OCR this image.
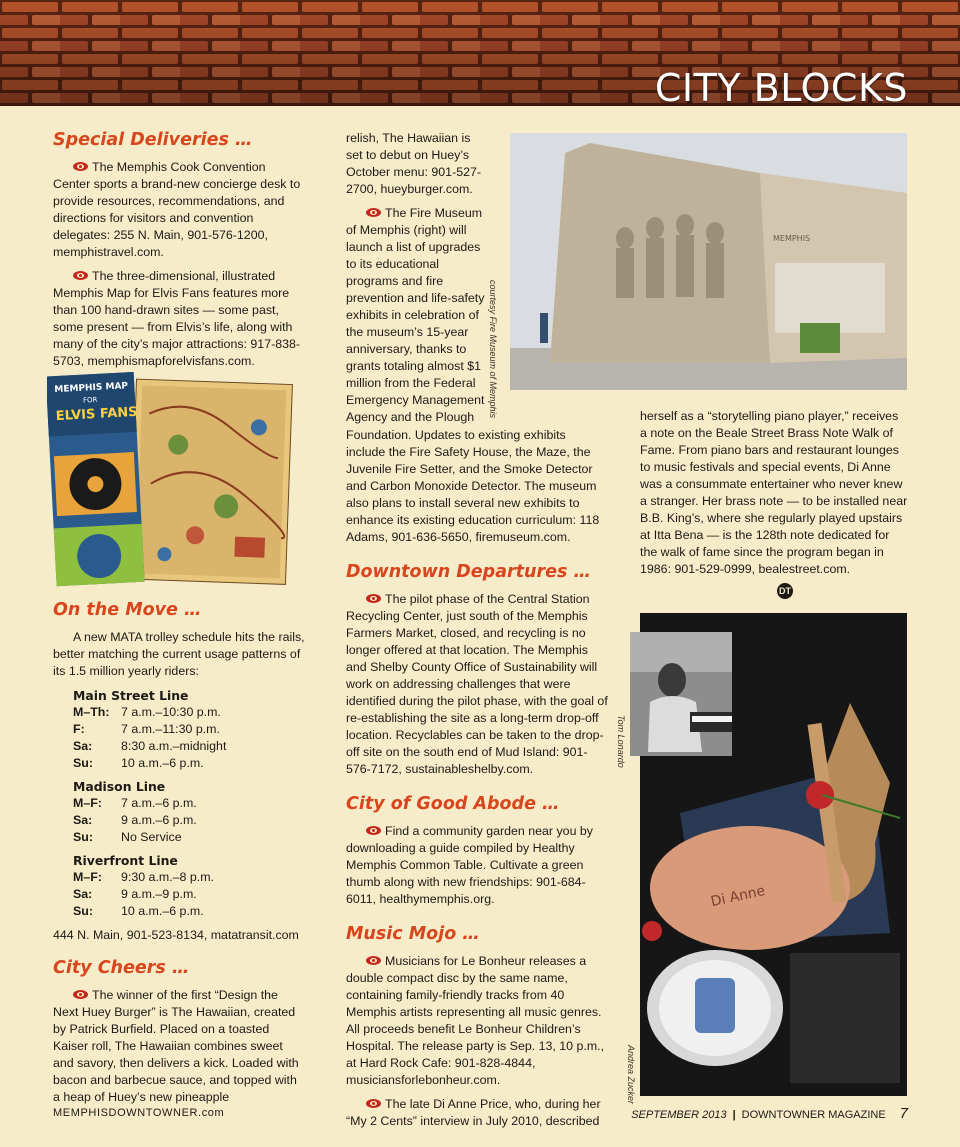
CITY BLOCKS
Special Deliveries …

The Memphis Cook Convention Center sports a brand-new concierge desk to provide resources, recommendations, and directions for visitors and convention delegates: 255 N. Main, 901-576-1200, memphistravel.com.

The three-dimensional, illustrated Memphis Map for Elvis Fans features more than 100 hand-drawn sites — some past, some present — from Elvis’s life, along with many of the city’s major attractions: 917-838-5703, memphismapforelvisfans.com.

MEMPHIS MAP
FOR
ELVIS FANS
On the Move …

A new MATA trolley schedule hits the rails, better matching the current usage patterns of its 1.5 million yearly riders:

Main Street Line
M–Th:	7 a.m.–10:30 p.m.
F:	7 a.m.–11:30 p.m.
Sa:	8:30 a.m.–midnight
Su:	10 a.m.–6 p.m.
Madison Line
M–F:	7 a.m.–6 p.m.
Sa:	9 a.m.–6 p.m.
Su:	No Service
Riverfront Line
M–F:	9:30 a.m.–8 p.m.
Sa:	9 a.m.–9 p.m.
Su:	10 a.m.–6 p.m.

444 N. Main, 901-523-8134, matatransit.com

City Cheers …

The winner of the first “Design the Next Huey Burger” is The Hawaiian, created by Patrick Burfield. Placed on a toasted Kaiser roll, The Hawaiian combines sweet and savory, then delivers a kick. Loaded with bacon and barbecue sauce, and topped with a heap of Huey’s new pineapple

relish, The Hawaiian is set to debut on Huey’s October menu: 901-527-2700, hueyburger.com.

The Fire Museum of Memphis (right) will launch a list of upgrades to its educational programs and fire prevention and life-safety exhibits in celebration of the museum’s 15-year anniversary, thanks to grants totaling almost $1 million from the Federal Emergency Management Agency and the Plough

MEMPHIS
courtesy Fire Museum of Memphis

Foundation. Updates to existing exhibits include the Fire Safety House, the Maze, the Juvenile Fire Setter, and the Smoke Detector and Carbon Monoxide Detector. The museum also plans to install several new exhibits to enhance its existing education curriculum: 118 Adams, 901-636-5650, firemuseum.com.

Downtown Departures …

The pilot phase of the Central Station Recycling Center, just south of the Memphis Farmers Market, closed, and recycling is no longer offered at that location. The Memphis and Shelby County Office of Sustainability will work on addressing challenges that were identified during the pilot phase, with the goal of re-establishing the site as a long-term drop-off location. Recyclables can be taken to the drop-off site on the south end of Mud Island: 901-576-7172, sustainableshelby.com.

City of Good Abode …

Find a community garden near you by downloading a guide compiled by Healthy Memphis Common Table. Cultivate a green thumb along with new friendships: 901-684-6011, healthymemphis.org.

Music Mojo …

Musicians for Le Bonheur releases a double compact disc by the same name, containing family-friendly tracks from 40 Memphis artists representing all music genres. All proceeds benefit Le Bonheur Children’s Hospital. The release party is Sep. 13, 10 p.m., at Hard Rock Cafe: 901-828-4844, musiciansforlebonheur.com.

The late Di Anne Price, who, during her “My 2 Cents” interview in July 2010, described

herself as a “storytelling piano player,” receives a note on the Beale Street Brass Note Walk of Fame. From piano bars and restaurant lounges to music festivals and special events, Di Anne was a consummate entertainer who never knew a stranger. Her brass note — to be installed near B.B. King’s, where she regularly played upstairs at Itta Bena — is the 128th note dedicated for the walk of fame since the program began in 1986: 901-529-0999, bealestreet.com.

DT
Di Anne
Tom Lonardo
Andrea Zucker
MEMPHISDOWNTOWNER.com	SEPTEMBER 2013 | DOWNTOWNER MAGAZINE 7
